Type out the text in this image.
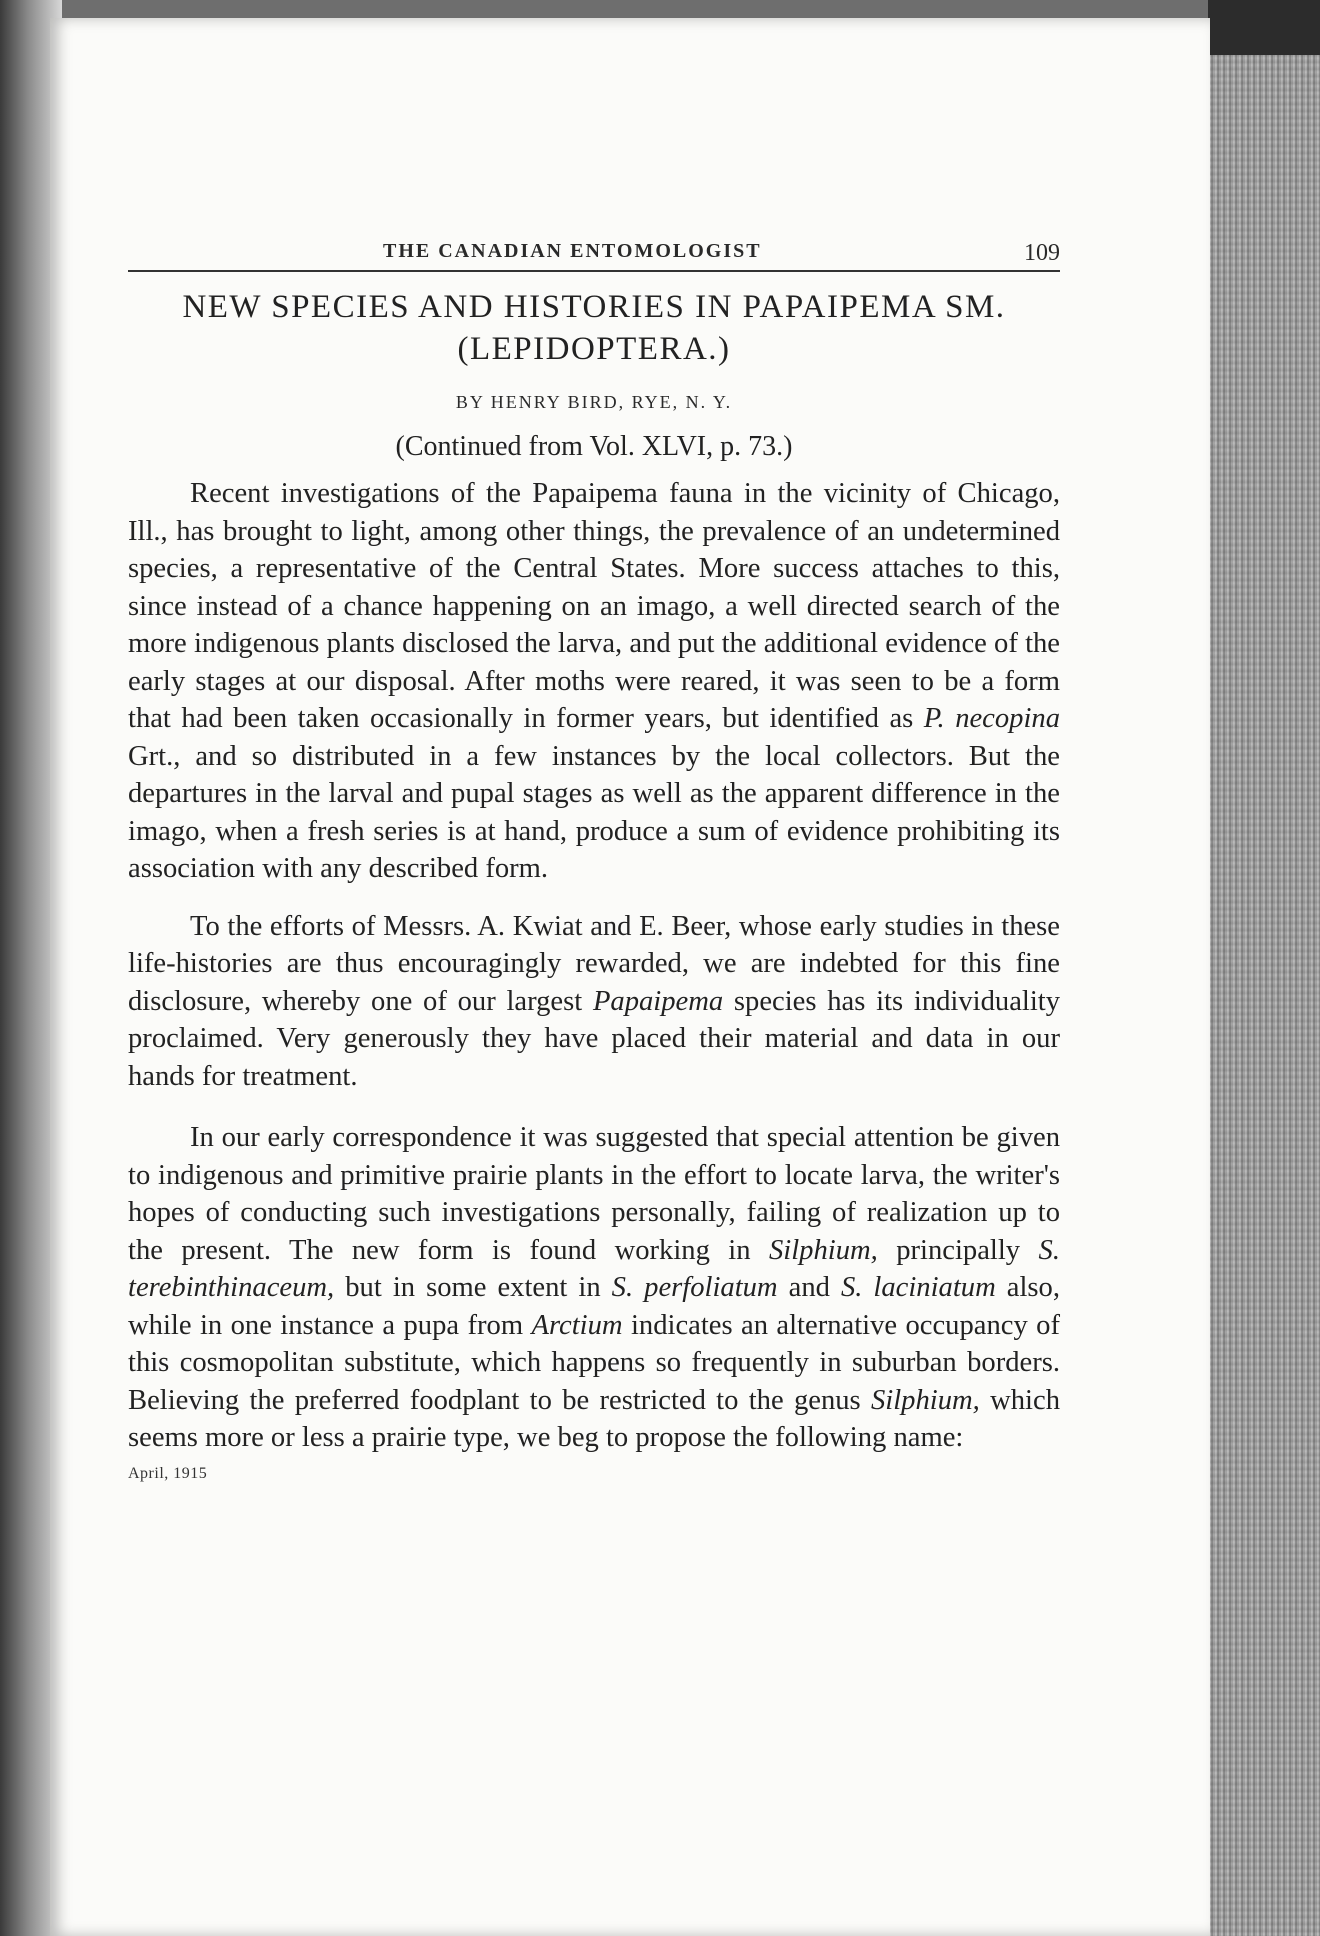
THE CANADIAN ENTOMOLOGIST	109
NEW SPECIES AND HISTORIES IN PAPAIPEMA SM.
(LEPIDOPTERA.)
BY HENRY BIRD, RYE, N. Y.
(Continued from Vol. XLVI, p. 73.)

Recent investigations of the Papaipema fauna in the vicinity of Chicago, Ill., has brought to light, among other things, the prevalence of an undetermined species, a representative of the Central States. More success attaches to this, since instead of a chance happening on an imago, a well directed search of the more indigenous plants disclosed the larva, and put the additional evidence of the early stages at our disposal. After moths were reared, it was seen to be a form that had been taken occasionally in former years, but identified as P. necopina Grt., and so distributed in a few instances by the local collectors. But the departures in the larval and pupal stages as well as the apparent difference in the imago, when a fresh series is at hand, produce a sum of evidence prohibiting its association with any described form.

To the efforts of Messrs. A. Kwiat and E. Beer, whose early studies in these life-histories are thus encouragingly rewarded, we are indebted for this fine disclosure, whereby one of our largest Papaipema species has its individuality proclaimed. Very generously they have placed their material and data in our hands for treatment.

In our early correspondence it was suggested that special attention be given to indigenous and primitive prairie plants in the effort to locate larva, the writer's hopes of conducting such investigations personally, failing of realization up to the present. The new form is found working in Silphium, principally S. terebinthinaceum, but in some extent in S. perfoliatum and S. laciniatum also, while in one instance a pupa from Arctium indicates an alternative occupancy of this cosmopolitan substitute, which happens so frequently in suburban borders. Believing the preferred foodplant to be restricted to the genus Silphium, which seems more or less a prairie type, we beg to propose the following name:

April, 1915
